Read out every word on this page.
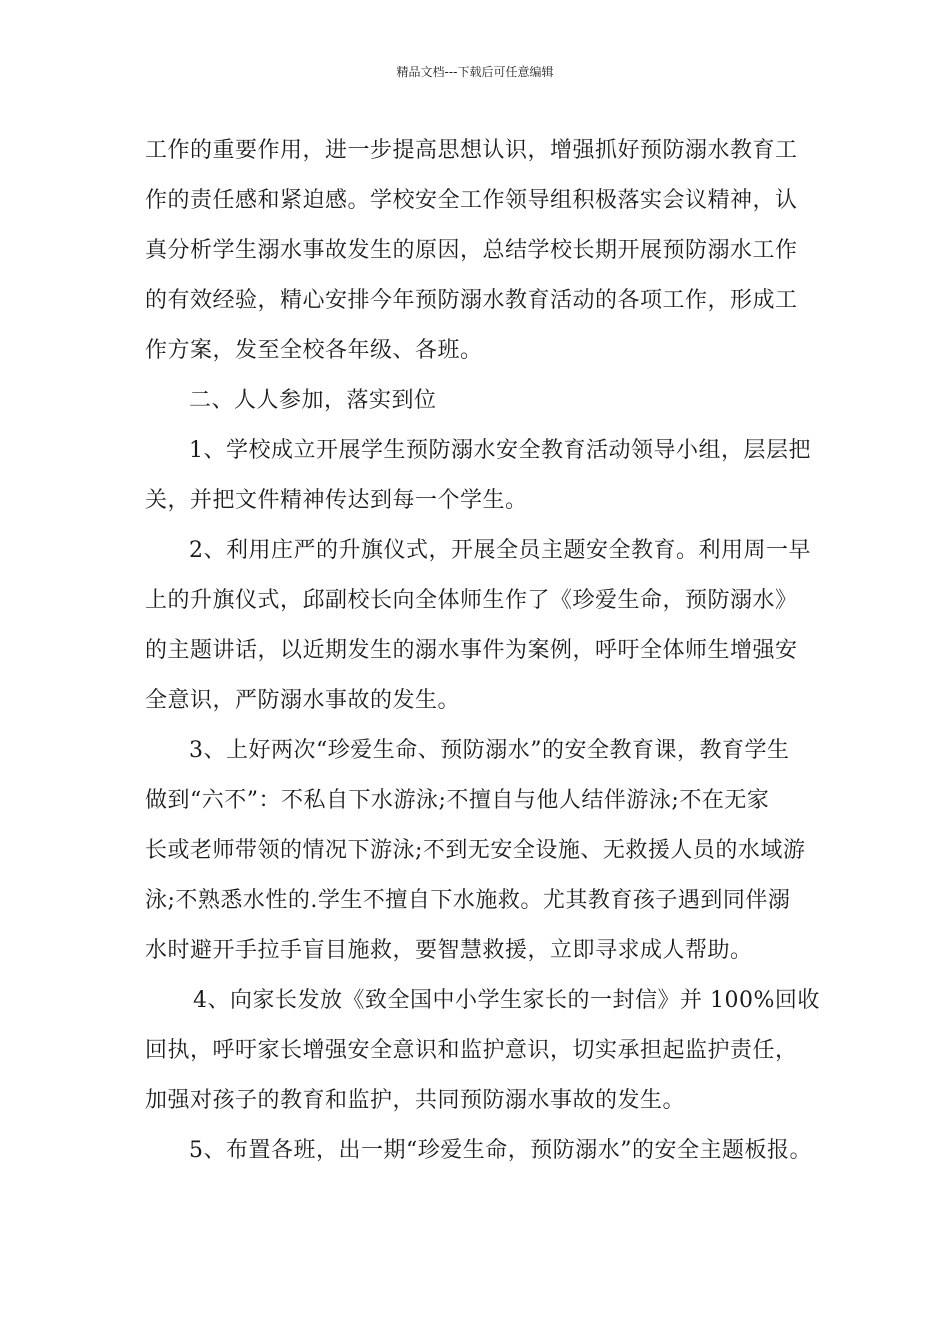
精品文档---下载后可任意编辑
工作的重要作用，进一步提高思想认识，增强抓好预防溺水教育工
作的责任感和紧迫感。学校安全工作领导组积极落实会议精神，认
真分析学生溺水事故发生的原因，总结学校长期开展预防溺水工作
的有效经验，精心安排今年预防溺水教育活动的各项工作，形成工
作方案，发至全校各年级、各班。
二、人人参加，落实到位
1、学校成立开展学生预防溺水安全教育活动领导小组，层层把
关，并把文件精神传达到每一个学生。
2、利用庄严的升旗仪式，开展全员主题安全教育。利用周一早
上的升旗仪式，邱副校长向全体师生作了《珍爱生命，预防溺水》
的主题讲话，以近期发生的溺水事件为案例，呼吁全体师生增强安
全意识，严防溺水事故的发生。
3、上好两次“珍爱生命、预防溺水”的安全教育课，教育学生
做到“六不”：不私自下水游泳;不擅自与他人结伴游泳;不在无家
长或老师带领的情况下游泳;不到无安全设施、无救援人员的水域游
泳;不熟悉水性的.学生不擅自下水施救。尤其教育孩子遇到同伴溺
水时避开手拉手盲目施救，要智慧救援，立即寻求成人帮助。
4、向家长发放《致全国中小学生家长的一封信》并 100%回收
回执，呼吁家长增强安全意识和监护意识，切实承担起监护责任，
加强对孩子的教育和监护，共同预防溺水事故的发生。
5、布置各班，出一期“珍爱生命，预防溺水”的安全主题板报。
